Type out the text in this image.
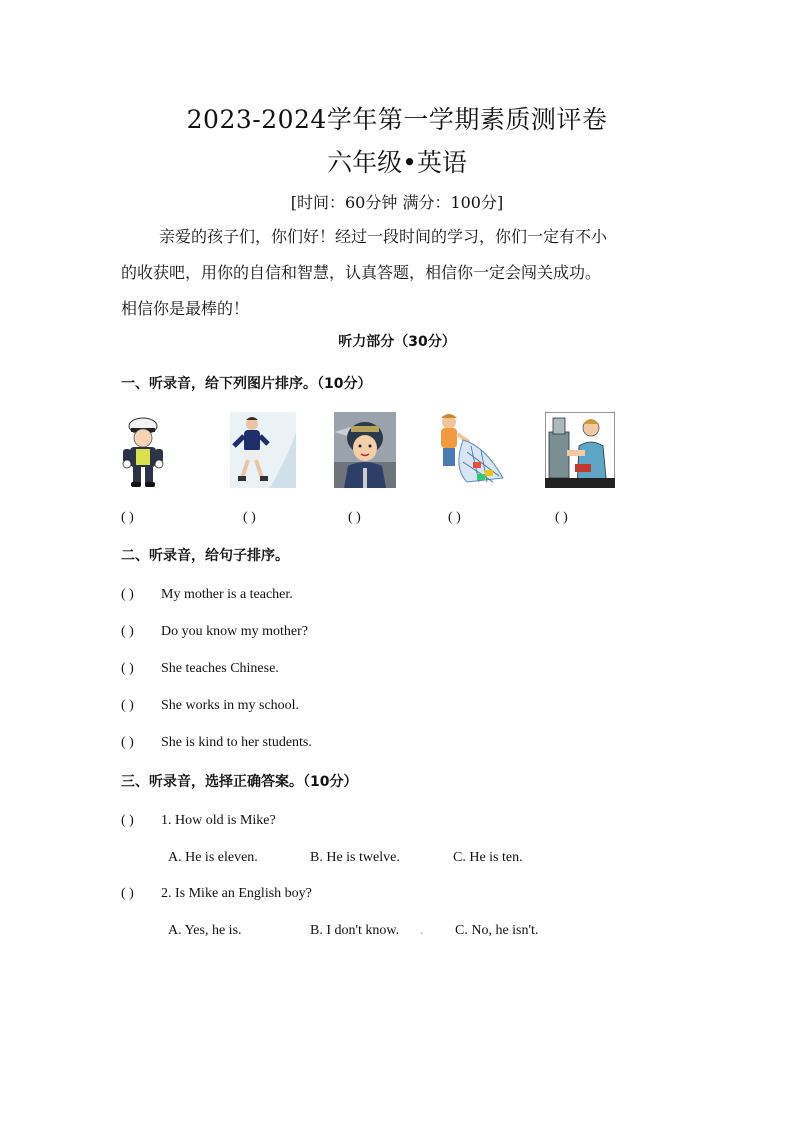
2023-2024学年第一学期素质测评卷
六年级•英语
[时间：60分钟 满分：100分]

亲爱的孩子们，你们好！经过一段时间的学习，你们一定有不小

的收获吧，用你的自信和智慧，认真答题，相信你一定会闯关成功。

相信你是最棒的！

听力部分（30分）
一、听录音，给下列图片排序。（10分）
( )	( )	( )	( )	( )
二、听录音，给句子排序。
( ) My mother is a teacher.
( ) Do you know my mother?
( ) She teaches Chinese.
( ) She works in my school.
( ) She is kind to her students.
三、听录音，选择正确答案。（10分）
( ) 1. How old is Mike?
A. He is eleven.	B. He is twelve.	C. He is ten.
( ) 2. Is Mike an English boy?
A. Yes, he is.	B. I don't know. . C. No, he isn't.
